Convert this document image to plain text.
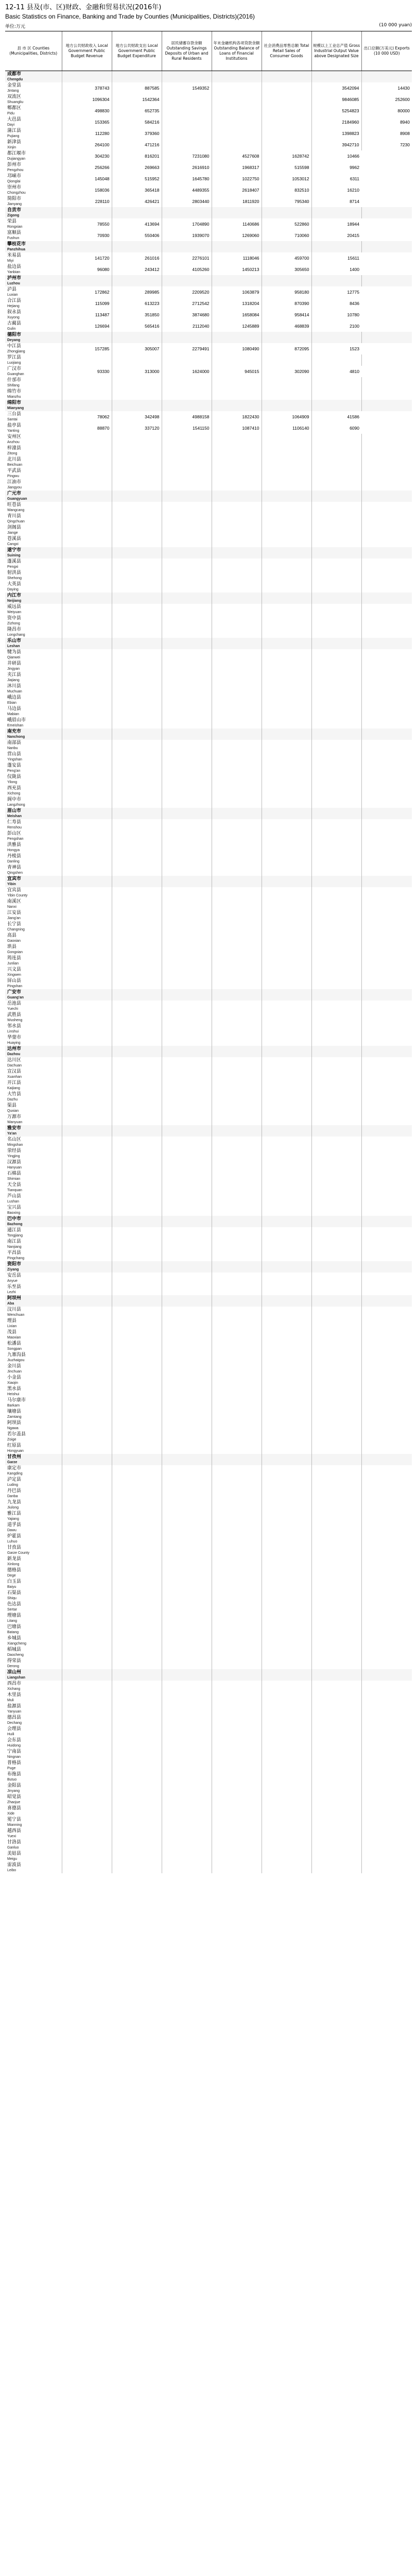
12-11 县及(市、区)财政、金融和贸易状况(2016年)
Basic Statistics on Finance, Banking and Trade by Counties (Municipalities, Districts)(2016)
单位:万元	(10 000 yuan)
县 市 区 Counties (Municipalities, Districts)	地方公共财政收入 Local Government Public Budget Revenue	地方公共财政支出 Local Government Public Budget Expenditure	居民储蓄存款余额 Outstanding Savings Deposits of Urban and Rural Residents	年末金融机构各项贷款余额 Outstanding Balance of Loans of Financial Institutions	社会消费品零售总额 Total Retail Sales of Consumer Goods	规模以上工业总产值 Gross Industrial Output Value above Designated Size	出口总额(万美元) Exports (10 000 USD)

成都市
Chengdu							

金堂县
Jintang	378743	887585	1549352			3542094	14430

双流区
Shuangliu	1096304	1542364				9846085	252600

郫都区
Pidu	498830	652735				5254823	80000

大邑县
Dayi	153365	584216				2184960	8940

蒲江县
Pujiang	112280	379360				1398823	8908

新津县
Xinjin	264100	471216				3942710	7230

都江堰市
Dujiangyan	304230	816201	7231080	4527608	1628742	10466	

彭州市
Pengzhou	256266	269663	2616910	1968317	515598	9962	

邛崃市
Qionglai	145048	515952	1645780	1022750	1053012	6311	

崇州市
Chongzhou	158036	365418	4489355	2618407	832510	16210	

简阳市
Jianyang	228110	426421	2803440	1811920	795340	8714	

自贡市
Zigong							

荣县
Rongxian	78550	413694	1704890	1140686	522860	18944	

富顺县
Fushun	70930	550406	1939070	1269060	710060	20415	

攀枝花市
Panzhihua							

米易县
Miyi	141720	261016	2276101	1118046	459700	15611	

盐边县
Yanbian	96080	243412	4105260	1450213	305650	1400	

泸州市
Luzhou							

泸县
Luxian	172862	289985	2209520	1063879	958180	12775	

合江县
Hejiang	115099	613223	2712542	1318204	870390	8436	

叙永县
Xuyong	113487	351850	3874680	1658084	958414	10780	

古蔺县
Gulin	126694	565416	2112040	1245889	468839	2100	

德阳市
Deyang							

中江县
Zhongjiang	157285	305007	2279491	1080490	872095	1523	

罗江县
Luojiang							

广汉市
Guanghan	93330	313000	1624000	945015	302090	4810	

什邡市
Shifang							

绵竹市
Mianzhu							

绵阳市
Mianyang							

三台县
Santai	78062	342498	4988158	1822430	1064909	41586	

盐亭县
Yanting	88870	337120	1541150	1087410	1106140	6090	

安州区
Anzhou							

梓潼县
Zitong							

北川县
Beichuan							

平武县
Pingwu							

江油市
Jiangyou							

广元市
Guangyuan							

旺苍县
Wangcang							

青川县
Qingchuan							

剑阁县
Jiange							

苍溪县
Cangxi							

遂宁市
Suining							

蓬溪县
Pengxi							

射洪县
Shehong							

大英县
Daying							

内江市
Neijiang							

威远县
Weiyuan							

资中县
Zizhong							

隆昌市
Longchang							

乐山市
Leshan							

犍为县
Qianwei							

井研县
Jingyan							

夹江县
Jiajiang							

沐川县
Muchuan							

峨边县
Ebian							

马边县
Mabian							

峨眉山市
Emeishan							

南充市
Nanchong							

南部县
Nanbu							

营山县
Yingshan							

蓬安县
Peng'an							

仪陇县
Yilong							

西充县
Xichong							

阆中市
Langzhong							

眉山市
Meishan							

仁寿县
Renshou							

彭山区
Pengshan							

洪雅县
Hongya							

丹棱县
Danling							

青神县
Qingshen							

宜宾市
Yibin							

宜宾县
Yibin County							

南溪区
Nanxi							

江安县
Jiang'an							

长宁县
Changning							

高县
Gaoxian							

珙县
Gongxian							

筠连县
Junlian							

兴文县
Xingwen							

屏山县
Pingshan							

广安市
Guang'an							

岳池县
Yuechi							

武胜县
Wusheng							

邻水县
Linshui							

华蓥市
Huaying							

达州市
Dazhou							

达川区
Dachuan							

宣汉县
Xuanhan							

开江县
Kaijiang							

大竹县
Dazhu							

渠县
Quxian							

万源市
Wanyuan							

雅安市
Ya'an							

名山区
Mingshan							

荥经县
Yingjing							

汉源县
Hanyuan							

石棉县
Shimian							

天全县
Tianquan							

芦山县
Lushan							

宝兴县
Baoxing							

巴中市
Bazhong							

通江县
Tongjiang							

南江县
Nanjiang							

平昌县
Pingchang							

资阳市
Ziyang							

安岳县
Anyue							

乐至县
Lezhi							

阿坝州
Aba							

汶川县
Wenchuan							

理县
Lixian							

茂县
Maoxian							

松潘县
Songpan							

九寨沟县
Jiuzhaigou							

金川县
Jinchuan							

小金县
Xiaojin							

黑水县
Heishui							

马尔康市
Barkam							

壤塘县
Zamtang							

阿坝县
Ngawa							

若尔盖县
Zoige							

红原县
Hongyuan							

甘孜州
Garze							

康定市
Kangding							

泸定县
Luding							

丹巴县
Danba							

九龙县
Jiulong							

雅江县
Yajiang							

道孚县
Dawu							

炉霍县
Luhuo							

甘孜县
Garze County							

新龙县
Xinlong							

德格县
Dege							

白玉县
Baiyu							

石渠县
Shiqu							

色达县
Sertar							

理塘县
Litang							

巴塘县
Batang							

乡城县
Xiangcheng							

稻城县
Daocheng							

得荣县
Derong							

凉山州
Liangshan							

西昌市
Xichang							

木里县
Muli							

盐源县
Yanyuan							

德昌县
Dechang							

会理县
Huili							

会东县
Huidong							

宁南县
Ningnan							

普格县
Puge							

布拖县
Butuo							

金阳县
Jinyang							

昭觉县
Zhaojue							

喜德县
Xide							

冕宁县
Mianning							

越西县
Yuexi							

甘洛县
Ganluo							

美姑县
Meigu							

雷波县
Leibo							
